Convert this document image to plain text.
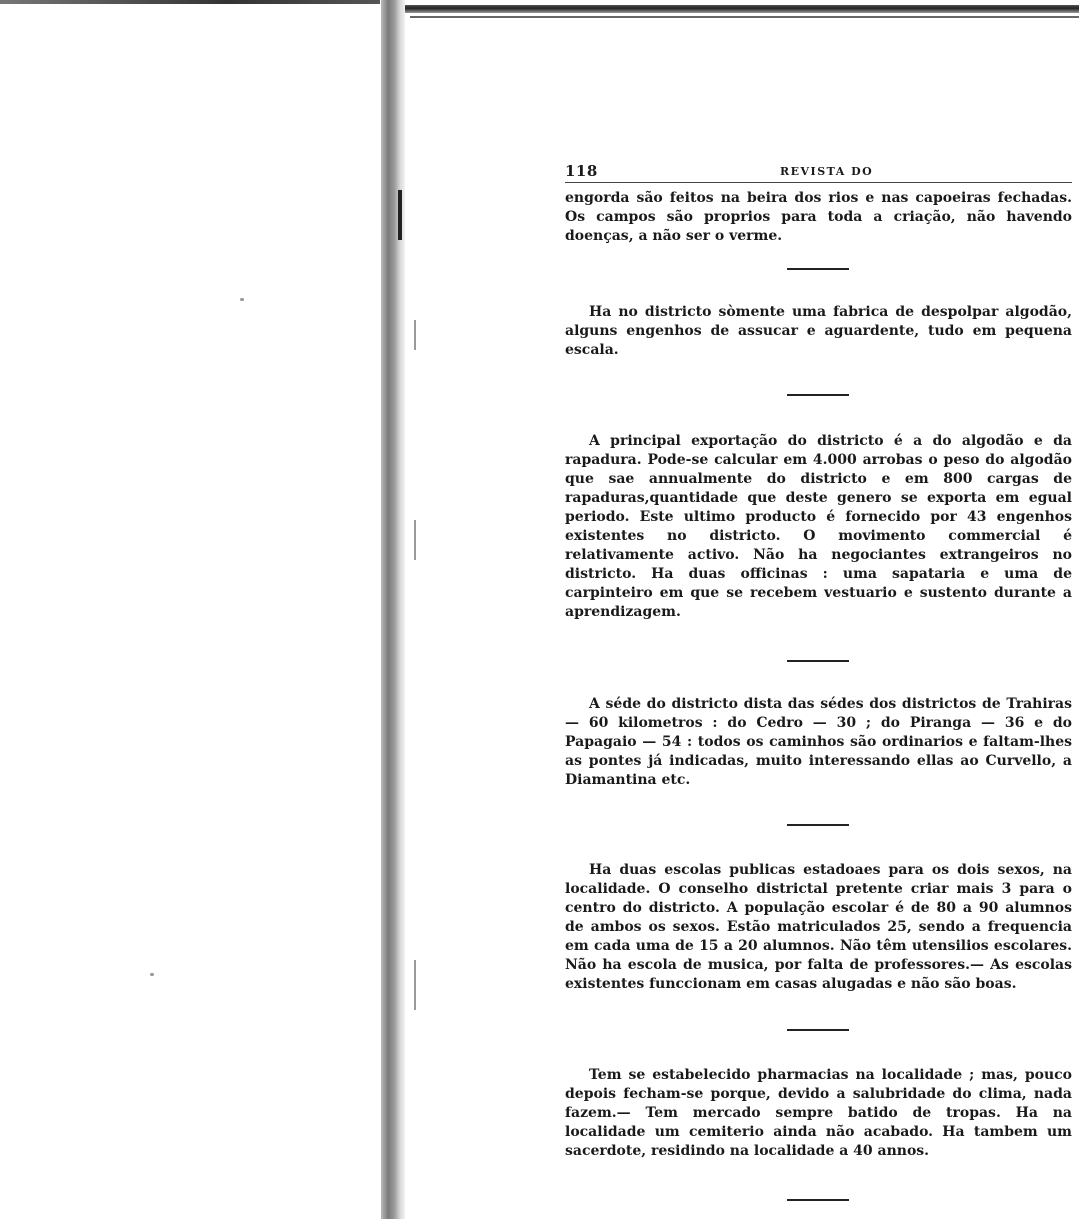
118	REVISTA DO

engorda são feitos na beira dos rios e nas capoeiras fechadas. Os campos são proprios para toda a criação, não havendo doenças, a não ser o verme.

Ha no districto sòmente uma fabrica de despolpar algodão, alguns engenhos de assucar e aguardente, tudo em pequena escala.

A principal exportação do districto é a do algodão e da rapadura. Pode-se calcular em 4.000 arrobas o peso do algodão que sae annualmente do districto e em 800 cargas de rapaduras,quantidade que deste genero se exporta em egual periodo. Este ultimo producto é fornecido por 43 engenhos existentes no districto. O movimento commercial é relativamente activo. Não ha negociantes extrangeiros no districto. Ha duas officinas : uma sapataria e uma de carpinteiro em que se recebem vestuario e sustento durante a aprendizagem.

A séde do districto dista das sédes dos districtos de Trahiras — 60 kilometros : do Cedro — 30 ; do Piranga — 36 e do Papagaio — 54 : todos os caminhos são ordinarios e faltam-lhes as pontes já indicadas, muito interessando ellas ao Curvello, a Diamantina etc.

Ha duas escolas publicas estadoaes para os dois sexos, na localidade. O conselho districtal pretente criar mais 3 para o centro do districto. A população escolar é de 80 a 90 alumnos de ambos os sexos. Estão matriculados 25, sendo a frequencia em cada uma de 15 a 20 alumnos. Não têm utensilios escolares. Não ha escola de musica, por falta de professores.— As escolas existentes funccionam em casas alugadas e não são boas.

Tem se estabelecido pharmacias na localidade ; mas, pouco depois fecham-se porque, devido a salubridade do clima, nada fazem.— Tem mercado sempre batido de tropas. Ha na localidade um cemiterio ainda não acabado. Ha tambem um sacerdote, residindo na localidade a 40 annos.
